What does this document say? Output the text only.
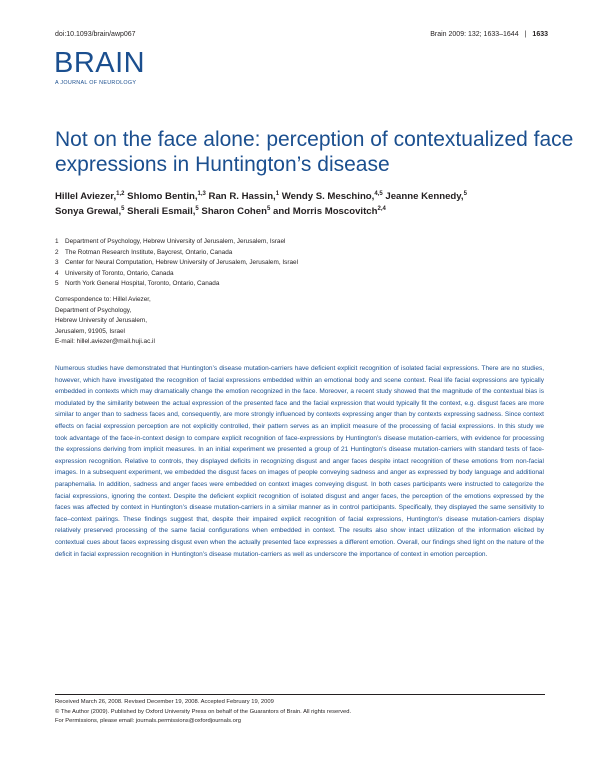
doi:10.1093/brain/awp067	Brain 2009: 132; 1633–1644 | 1633
BRAIN
A JOURNAL OF NEUROLOGY
Not on the face alone: perception of contextualized face expressions in Huntington’s disease

Hillel Aviezer,$^{1,2}$ Shlomo Bentin,$^{1,3}$ Ran R. Hassin,$^1$ Wendy S. Meschino,$^{4,5}$ Jeanne Kennedy,$^5$
Sonya Grewal,$^5$ Sherali Esmail,$^5$ Sharon Cohen$^5$ and Morris Moscovitch$^{2,4}$

1 Department of Psychology, Hebrew University of Jerusalem, Jerusalem, Israel
2 The Rotman Research Institute, Baycrest, Ontario, Canada
3 Center for Neural Computation, Hebrew University of Jerusalem, Jerusalem, Israel
4 University of Toronto, Ontario, Canada
5 North York General Hospital, Toronto, Ontario, Canada
Correspondence to: Hillel Aviezer,
Department of Psychology,
Hebrew University of Jerusalem,
Jerusalem, 91905, Israel
E-mail: hillel.aviezer@mail.huji.ac.il

Numerous studies have demonstrated that Huntington’s disease mutation-carriers have deficient explicit recognition of isolated facial expressions. There are no studies, however, which have investigated the recognition of facial expressions embedded within an emotional body and scene context. Real life facial expressions are typically embedded in contexts which may dramatically change the emotion recognized in the face. Moreover, a recent study showed that the magnitude of the contextual bias is modulated by the similarity between the actual expression of the presented face and the facial expression that would typically fit the context, e.g. disgust faces are more similar to anger than to sadness faces and, consequently, are more strongly influenced by contexts expressing anger than by contexts expressing sadness. Since context effects on facial expression perception are not explicitly controlled, their pattern serves as an implicit measure of the processing of facial expressions. In this study we took advantage of the face-in-context design to compare explicit recognition of face-expressions by Huntington’s disease mutation-carriers, with evidence for processing the expressions deriving from implicit measures. In an initial experiment we presented a group of 21 Huntington’s disease mutation-carriers with standard tests of face-expression recognition. Relative to controls, they displayed deficits in recognizing disgust and anger faces despite intact recognition of these emotions from non-facial images. In a subsequent experiment, we embedded the disgust faces on images of people conveying sadness and anger as expressed by body language and additional paraphernalia. In addition, sadness and anger faces were embedded on context images conveying disgust. In both cases participants were instructed to categorize the facial expressions, ignoring the context. Despite the deficient explicit recognition of isolated disgust and anger faces, the perception of the emotions expressed by the faces was affected by context in Huntington’s disease mutation-carriers in a similar manner as in control participants. Specifically, they displayed the same sensitivity to face–context pairings. These findings suggest that, despite their impaired explicit recognition of facial expressions, Huntington’s disease mutation-carriers display relatively preserved processing of the same facial configurations when embedded in context. The results also show intact utilization of the information elicited by contextual cues about faces expressing disgust even when the actually presented face expresses a different emotion. Overall, our findings shed light on the nature of the deficit in facial expression recognition in Huntington’s disease mutation-carriers as well as underscore the importance of context in emotion perception.

Received March 26, 2008. Revised December 19, 2008. Accepted February 19, 2009
© The Author (2009). Published by Oxford University Press on behalf of the Guarantors of Brain. All rights reserved.
For Permissions, please email: journals.permissions@oxfordjournals.org
